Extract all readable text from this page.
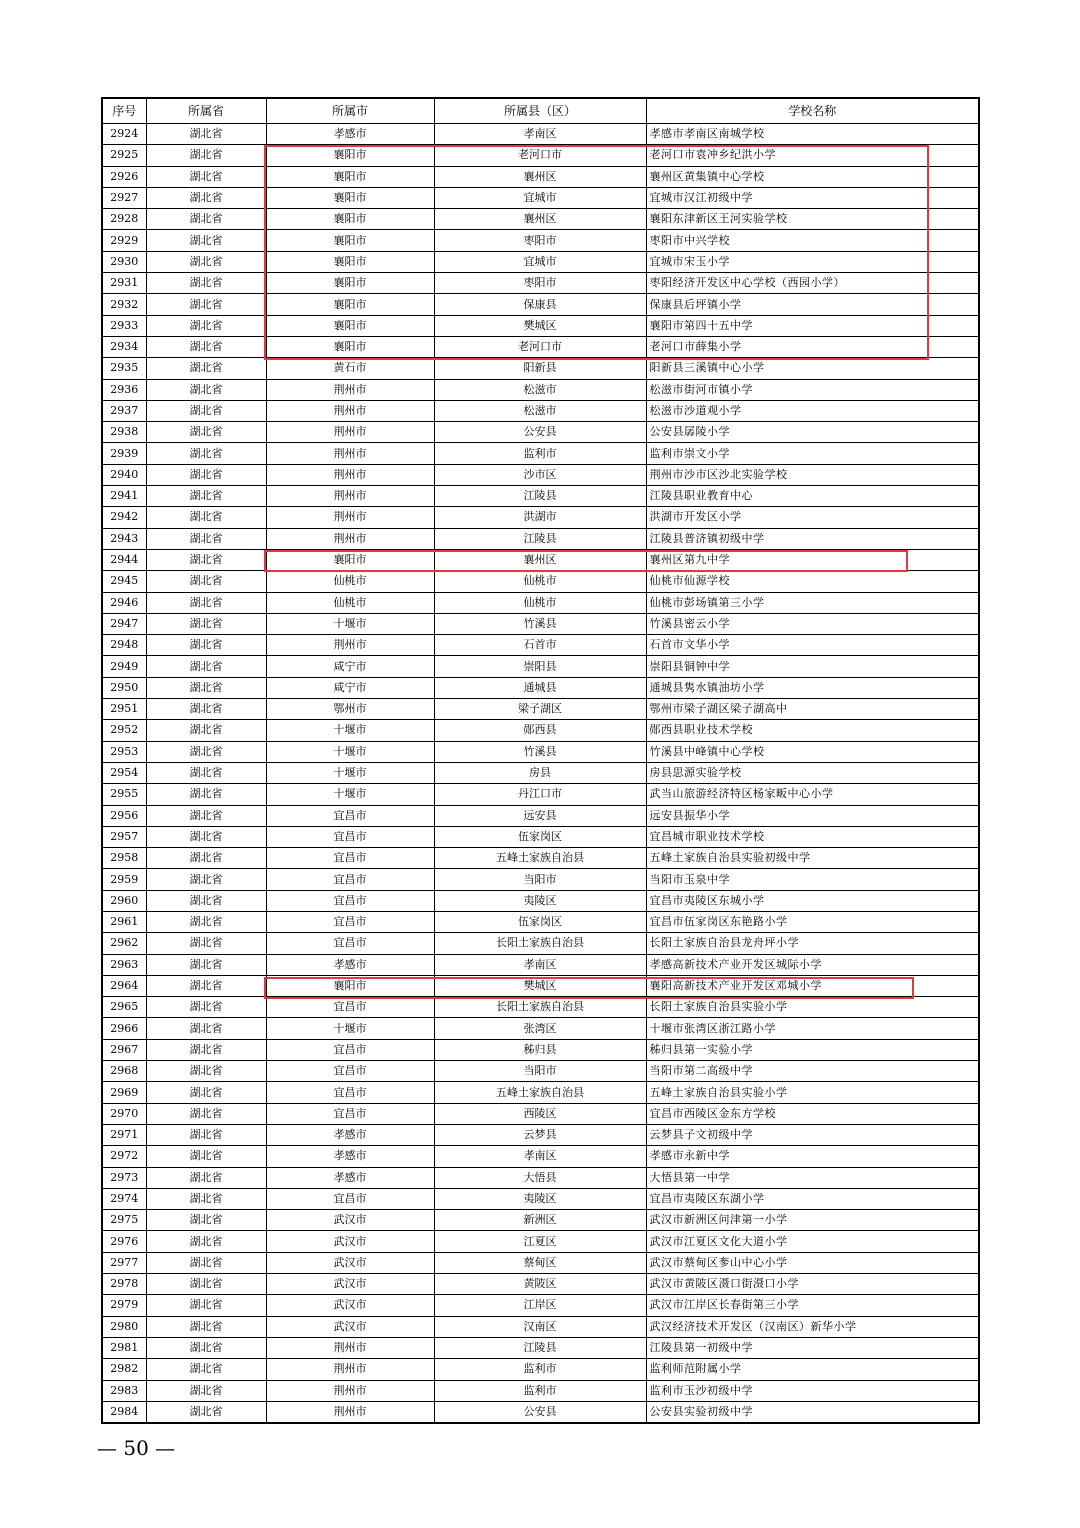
序号	所属省	所属市	所属县（区）	学校名称
2924	湖北省	孝感市	孝南区	孝感市孝南区南城学校
2925	湖北省	襄阳市	老河口市	老河口市袁冲乡纪洪小学
2926	湖北省	襄阳市	襄州区	襄州区黄集镇中心学校
2927	湖北省	襄阳市	宜城市	宜城市汉江初级中学
2928	湖北省	襄阳市	襄州区	襄阳东津新区王河实验学校
2929	湖北省	襄阳市	枣阳市	枣阳市中兴学校
2930	湖北省	襄阳市	宜城市	宜城市宋玉小学
2931	湖北省	襄阳市	枣阳市	枣阳经济开发区中心学校（西园小学）
2932	湖北省	襄阳市	保康县	保康县后坪镇小学
2933	湖北省	襄阳市	樊城区	襄阳市第四十五中学
2934	湖北省	襄阳市	老河口市	老河口市薛集小学
2935	湖北省	黄石市	阳新县	阳新县三溪镇中心小学
2936	湖北省	荆州市	松滋市	松滋市街河市镇小学
2937	湖北省	荆州市	松滋市	松滋市沙道观小学
2938	湖北省	荆州市	公安县	公安县孱陵小学
2939	湖北省	荆州市	监利市	监利市崇文小学
2940	湖北省	荆州市	沙市区	荆州市沙市区沙北实验学校
2941	湖北省	荆州市	江陵县	江陵县职业教育中心
2942	湖北省	荆州市	洪湖市	洪湖市开发区小学
2943	湖北省	荆州市	江陵县	江陵县普济镇初级中学
2944	湖北省	襄阳市	襄州区	襄州区第九中学
2945	湖北省	仙桃市	仙桃市	仙桃市仙源学校
2946	湖北省	仙桃市	仙桃市	仙桃市彭场镇第三小学
2947	湖北省	十堰市	竹溪县	竹溪县密云小学
2948	湖北省	荆州市	石首市	石首市文华小学
2949	湖北省	咸宁市	崇阳县	崇阳县铜钟中学
2950	湖北省	咸宁市	通城县	通城县隽水镇油坊小学
2951	湖北省	鄂州市	梁子湖区	鄂州市梁子湖区梁子湖高中
2952	湖北省	十堰市	郧西县	郧西县职业技术学校
2953	湖北省	十堰市	竹溪县	竹溪县中峰镇中心学校
2954	湖北省	十堰市	房县	房县思源实验学校
2955	湖北省	十堰市	丹江口市	武当山旅游经济特区杨家畈中心小学
2956	湖北省	宜昌市	远安县	远安县振华小学
2957	湖北省	宜昌市	伍家岗区	宜昌城市职业技术学校
2958	湖北省	宜昌市	五峰土家族自治县	五峰土家族自治县实验初级中学
2959	湖北省	宜昌市	当阳市	当阳市玉泉中学
2960	湖北省	宜昌市	夷陵区	宜昌市夷陵区东城小学
2961	湖北省	宜昌市	伍家岗区	宜昌市伍家岗区东艳路小学
2962	湖北省	宜昌市	长阳土家族自治县	长阳土家族自治县龙舟坪小学
2963	湖北省	孝感市	孝南区	孝感高新技术产业开发区城际小学
2964	湖北省	襄阳市	樊城区	襄阳高新技术产业开发区邓城小学
2965	湖北省	宜昌市	长阳土家族自治县	长阳土家族自治县实验小学
2966	湖北省	十堰市	张湾区	十堰市张湾区浙江路小学
2967	湖北省	宜昌市	秭归县	秭归县第一实验小学
2968	湖北省	宜昌市	当阳市	当阳市第二高级中学
2969	湖北省	宜昌市	五峰土家族自治县	五峰土家族自治县实验小学
2970	湖北省	宜昌市	西陵区	宜昌市西陵区金东方学校
2971	湖北省	孝感市	云梦县	云梦县子文初级中学
2972	湖北省	孝感市	孝南区	孝感市永新中学
2973	湖北省	孝感市	大悟县	大悟县第一中学
2974	湖北省	宜昌市	夷陵区	宜昌市夷陵区东湖小学
2975	湖北省	武汉市	新洲区	武汉市新洲区问津第一小学
2976	湖北省	武汉市	江夏区	武汉市江夏区文化大道小学
2977	湖北省	武汉市	蔡甸区	武汉市蔡甸区奓山中心小学
2978	湖北省	武汉市	黄陂区	武汉市黄陂区滠口街滠口小学
2979	湖北省	武汉市	江岸区	武汉市江岸区长春街第三小学
2980	湖北省	武汉市	汉南区	武汉经济技术开发区（汉南区）新华小学
2981	湖北省	荆州市	江陵县	江陵县第一初级中学
2982	湖北省	荆州市	监利市	监利师范附属小学
2983	湖北省	荆州市	监利市	监利市玉沙初级中学
2984	湖北省	荆州市	公安县	公安县实验初级中学
— 50 —
